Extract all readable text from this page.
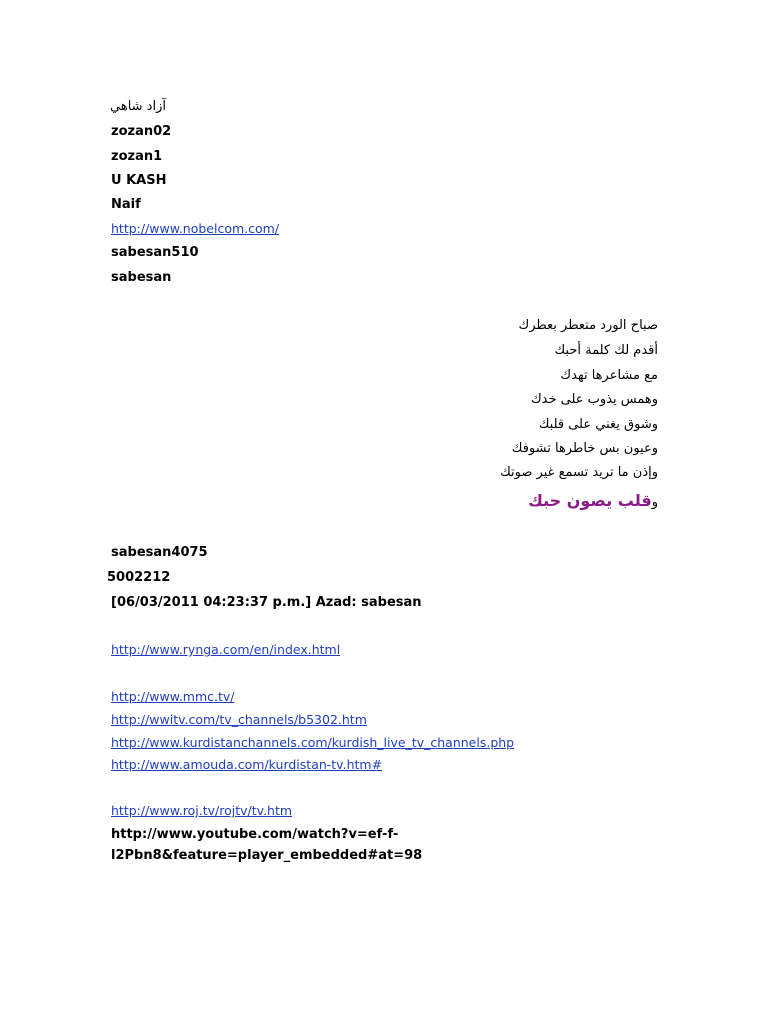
آزاد شاهي
zozan02
zozan1
U KASH
Naif
http://www.nobelcom.com/
sabesan510
sabesan
صباح الورد متعطر بعطرك
أقدم لك كلمة أحبك
مع مشاعرها تهدك
وهمس يذوب على خدك
وشوق يغني على قلبك
وعيون بس خاطرها تشوفك
وإذن ما تريد تسمع غير صوتك
وقلب يصون حبك
sabesan4075
5002212
[06/03/2011 04:23:37 p.m.] Azad: sabesan
http://www.rynga.com/en/index.html
http://www.mmc.tv/
http://wwitv.com/tv_channels/b5302.htm
http://www.kurdistanchannels.com/kurdish_live_tv_channels.php
http://www.amouda.com/kurdistan-tv.htm#
http://www.roj.tv/rojtv/tv.htm
http://www.youtube.com/watch?v=ef-f-
l2Pbn8&feature=player_embedded#at=98
